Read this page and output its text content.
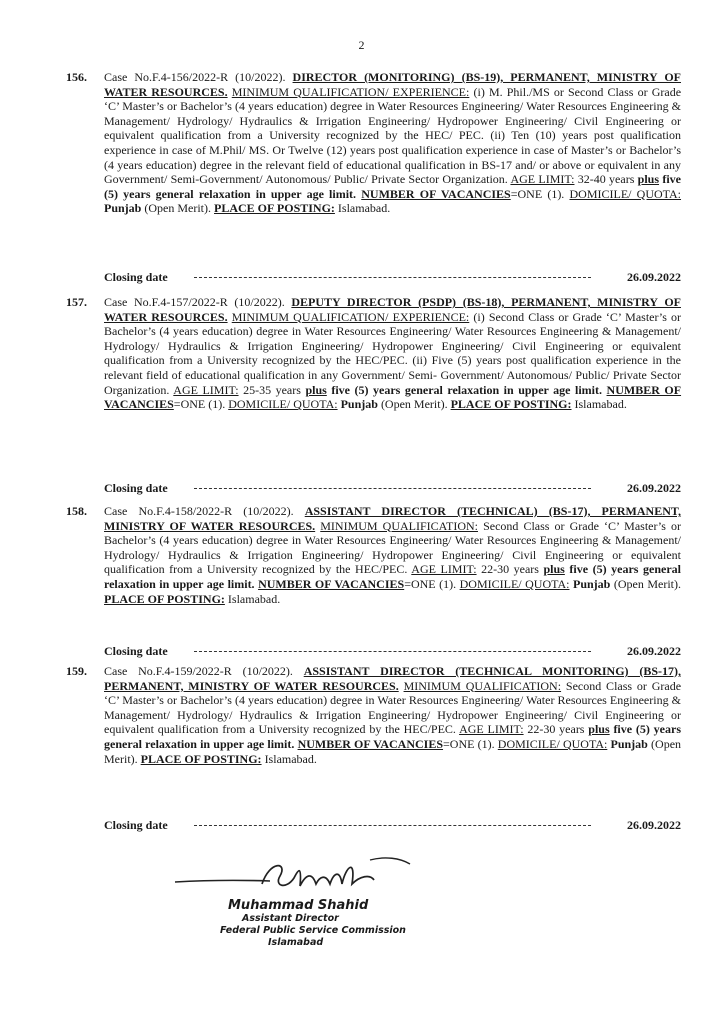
2
156. Case No.F.4-156/2022-R (10/2022). DIRECTOR (MONITORING) (BS-19), PERMANENT, MINISTRY OF WATER RESOURCES. MINIMUM QUALIFICATION/ EXPERIENCE: (i) M. Phil./MS or Second Class or Grade ‘C’ Master’s or Bachelor’s (4 years education) degree in Water Resources Engineering/ Water Resources Engineering & Management/ Hydrology/ Hydraulics & Irrigation Engineering/ Hydropower Engineering/ Civil Engineering or equivalent qualification from a University recognized by the HEC/ PEC. (ii) Ten (10) years post qualification experience in case of M.Phil/ MS. Or Twelve (12) years post qualification experience in case of Master’s or Bachelor’s (4 years education) degree in the relevant field of educational qualification in BS-17 and/ or above or equivalent in any Government/ Semi-Government/ Autonomous/ Public/ Private Sector Organization. AGE LIMIT: 32-40 years plus five (5) years general relaxation in upper age limit. NUMBER OF VACANCIES=ONE (1). DOMICILE/ QUOTA: Punjab (Open Merit). PLACE OF POSTING: Islamabad.
Closing date	26.09.2022
157. Case No.F.4-157/2022-R (10/2022). DEPUTY DIRECTOR (PSDP) (BS-18), PERMANENT, MINISTRY OF WATER RESOURCES. MINIMUM QUALIFICATION/ EXPERIENCE: (i) Second Class or Grade ‘C’ Master’s or Bachelor’s (4 years education) degree in Water Resources Engineering/ Water Resources Engineering & Management/ Hydrology/ Hydraulics & Irrigation Engineering/ Hydropower Engineering/ Civil Engineering or equivalent qualification from a University recognized by the HEC/PEC. (ii) Five (5) years post qualification experience in the relevant field of educational qualification in any Government/ Semi- Government/ Autonomous/ Public/ Private Sector Organization. AGE LIMIT: 25-35 years plus five (5) years general relaxation in upper age limit. NUMBER OF VACANCIES=ONE (1). DOMICILE/ QUOTA: Punjab (Open Merit). PLACE OF POSTING: Islamabad.
Closing date	26.09.2022
158. Case No.F.4-158/2022-R (10/2022). ASSISTANT DIRECTOR (TECHNICAL) (BS-17), PERMANENT, MINISTRY OF WATER RESOURCES. MINIMUM QUALIFICATION: Second Class or Grade ‘C’ Master’s or Bachelor’s (4 years education) degree in Water Resources Engineering/ Water Resources Engineering & Management/ Hydrology/ Hydraulics & Irrigation Engineering/ Hydropower Engineering/ Civil Engineering or equivalent qualification from a University recognized by the HEC/PEC. AGE LIMIT: 22-30 years plus five (5) years general relaxation in upper age limit. NUMBER OF VACANCIES=ONE (1). DOMICILE/ QUOTA: Punjab (Open Merit). PLACE OF POSTING: Islamabad.
Closing date	26.09.2022
159. Case No.F.4-159/2022-R (10/2022). ASSISTANT DIRECTOR (TECHNICAL MONITORING) (BS-17), PERMANENT, MINISTRY OF WATER RESOURCES. MINIMUM QUALIFICATION: Second Class or Grade ‘C’ Master’s or Bachelor’s (4 years education) degree in Water Resources Engineering/ Water Resources Engineering & Management/ Hydrology/ Hydraulics & Irrigation Engineering/ Hydropower Engineering/ Civil Engineering or equivalent qualification from a University recognized by the HEC/PEC. AGE LIMIT: 22-30 years plus five (5) years general relaxation in upper age limit. NUMBER OF VACANCIES=ONE (1). DOMICILE/ QUOTA: Punjab (Open Merit). PLACE OF POSTING: Islamabad.
Closing date	26.09.2022
Muhammad Shahid
Assistant Director
Federal Public Service Commission
Islamabad
